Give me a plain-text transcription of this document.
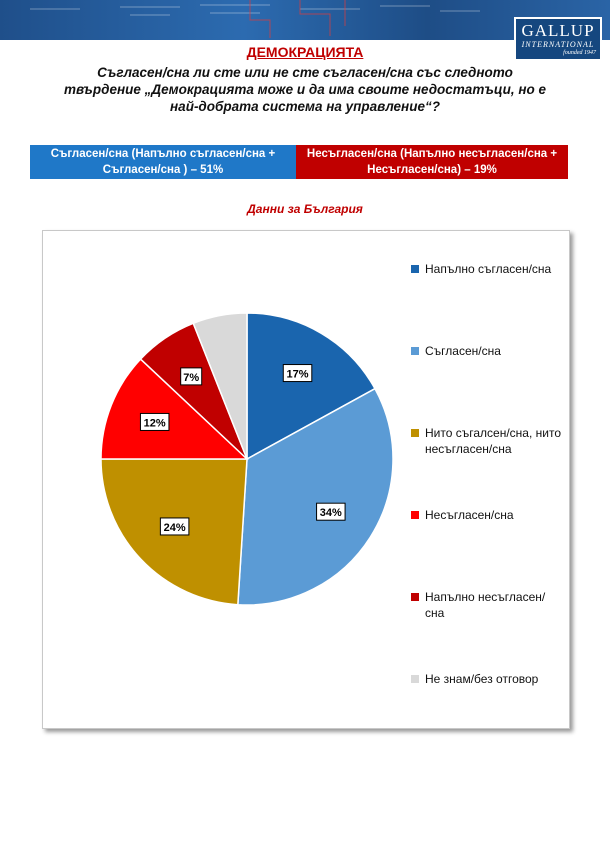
GALLUP
INTERNATIONAL
founded 1947
ДЕМОКРАЦИЯТА
Съгласен/сна ли сте или не сте съгласен/сна със следното твърдение „Демокрацията може и да има своите недостатъци, но е най-добрата система на управление“?
Съгласен/сна (Напълно съгласен/сна + Съгласен/сна ) – 51%
Несъгласен/сна (Напълно несъгласен/сна + Несъгласен/сна) – 19%
Данни за България
17%
34%
24%
12%
7%
Напълно съгласен/сна
Съгласен/сна
Нито съгалсен/сна, нито несъгласен/сна
Несъгласен/сна
Напълно несъгласен/сна
Не знам/без отговор
